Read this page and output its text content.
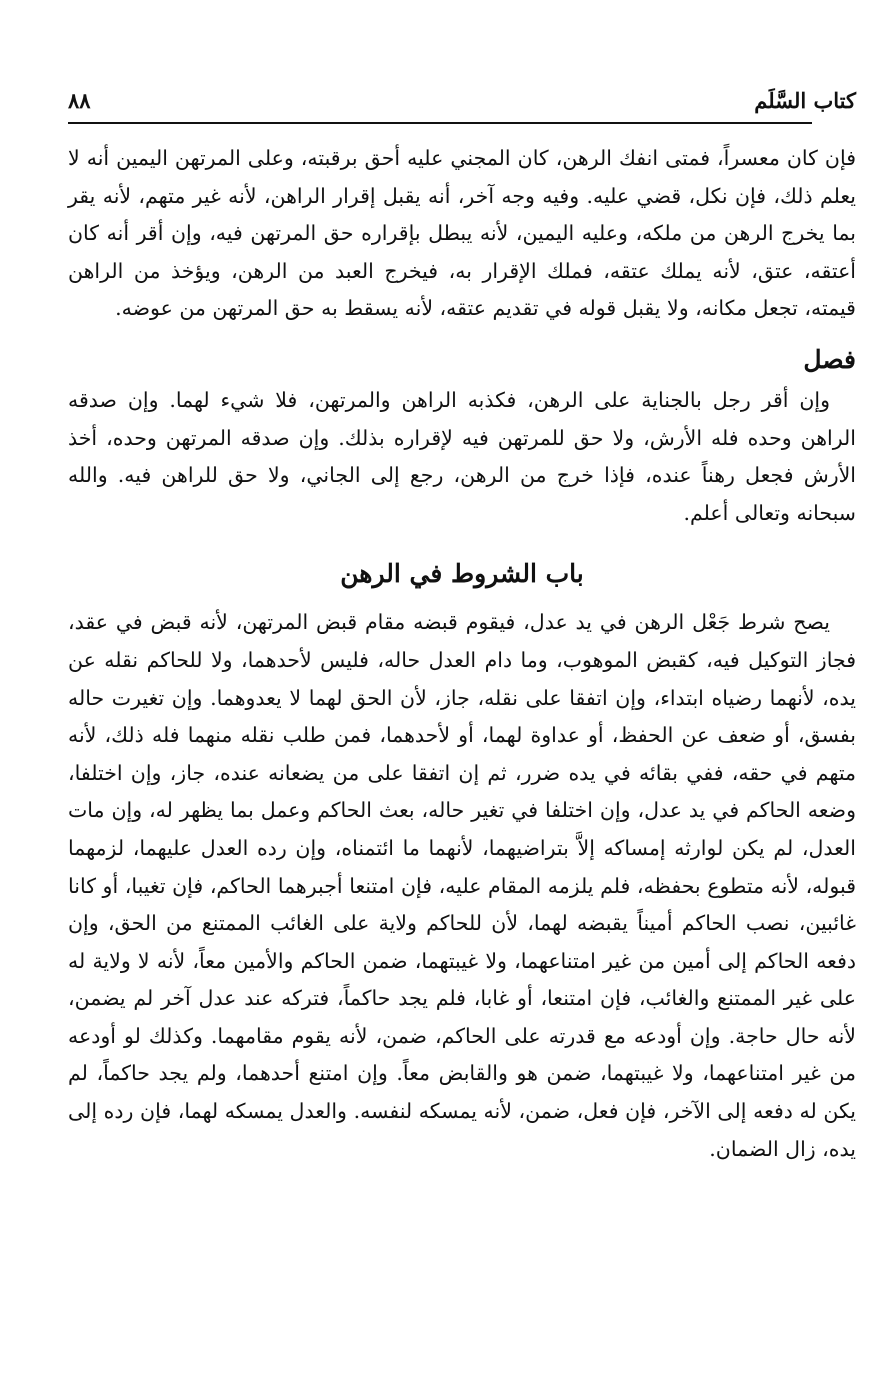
كتاب السَّلَم
٨٨

فإن كان معسراً، فمتى انفك الرهن، كان المجني عليه أحق برقبته، وعلى المرتهن اليمين أنه لا يعلم ذلك، فإن نكل، قضي عليه. وفيه وجه آخر، أنه يقبل إقرار الراهن، لأنه غير متهم، لأنه يقر بما يخرج الرهن من ملكه، وعليه اليمين، لأنه يبطل بإقراره حق المرتهن فيه، وإن أقر أنه كان أعتقه، عتق، لأنه يملك عتقه، فملك الإقرار به، فيخرج العبد من الرهن، ويؤخذ من الراهن قيمته، تجعل مكانه، ولا يقبل قوله في تقديم عتقه، لأنه يسقط به حق المرتهن من عوضه.

فصل

وإن أقر رجل بالجناية على الرهن، فكذبه الراهن والمرتهن، فلا شيء لهما. وإن صدقه الراهن وحده فله الأرش، ولا حق للمرتهن فيه لإقراره بذلك. وإن صدقه المرتهن وحده، أخذ الأرش فجعل رهناً عنده، فإذا خرج من الرهن، رجع إلى الجاني، ولا حق للراهن فيه. والله سبحانه وتعالى أعلم.

باب الشروط في الرهن

يصح شرط جَعْل الرهن في يد عدل، فيقوم قبضه مقام قبض المرتهن، لأنه قبض في عقد، فجاز التوكيل فيه، كقبض الموهوب، وما دام العدل حاله، فليس لأحدهما، ولا للحاكم نقله عن يده، لأنهما رضياه ابتداء، وإن اتفقا على نقله، جاز، لأن الحق لهما لا يعدوهما. وإن تغيرت حاله بفسق، أو ضعف عن الحفظ، أو عداوة لهما، أو لأحدهما، فمن طلب نقله منهما فله ذلك، لأنه متهم في حقه، ففي بقائه في يده ضرر، ثم إن اتفقا على من يضعانه عنده، جاز، وإن اختلفا، وضعه الحاكم في يد عدل، وإن اختلفا في تغير حاله، بعث الحاكم وعمل بما يظهر له، وإن مات العدل، لم يكن لوارثه إمساكه إلاَّ بتراضيهما، لأنهما ما ائتمناه، وإن رده العدل عليهما، لزمهما قبوله، لأنه متطوع بحفظه، فلم يلزمه المقام عليه، فإن امتنعا أجبرهما الحاكم، فإن تغيبا، أو كانا غائبين، نصب الحاكم أميناً يقبضه لهما، لأن للحاكم ولاية على الغائب الممتنع من الحق، وإن دفعه الحاكم إلى أمين من غير امتناعهما، ولا غيبتهما، ضمن الحاكم والأمين معاً، لأنه لا ولاية له على غير الممتنع والغائب، فإن امتنعا، أو غابا، فلم يجد حاكماً، فتركه عند عدل آخر لم يضمن، لأنه حال حاجة. وإن أودعه مع قدرته على الحاكم، ضمن، لأنه يقوم مقامهما. وكذلك لو أودعه من غير امتناعهما، ولا غيبتهما، ضمن هو والقابض معاً. وإن امتنع أحدهما، ولم يجد حاكماً، لم يكن له دفعه إلى الآخر، فإن فعل، ضمن، لأنه يمسكه لنفسه. والعدل يمسكه لهما، فإن رده إلى يده، زال الضمان.
